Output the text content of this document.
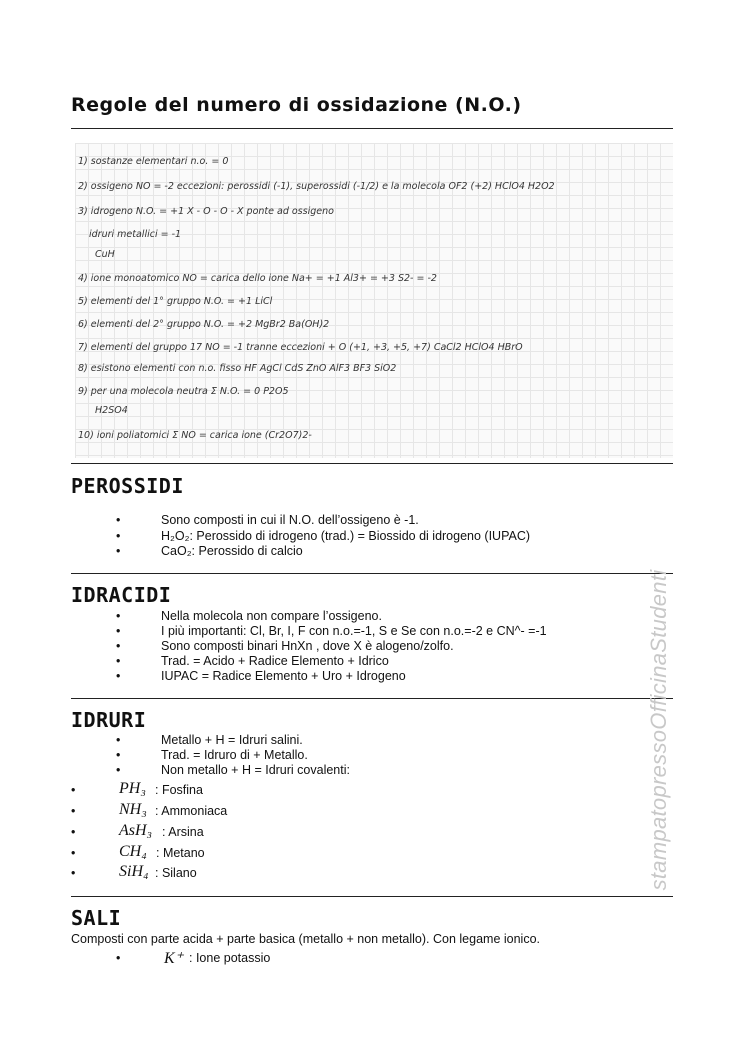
Regole del numero di ossidazione (N.O.)
1) sostanze elementari n.o. = 0
2) ossigeno NO = -2 eccezioni: perossidi (-1), superossidi (-1/2) e la molecola OF2 (+2) HClO4 H2O2
3) idrogeno N.O. = +1 X - O - O - X ponte ad ossigeno
idruri metallici = -1
CuH
4) ione monoatomico NO = carica dello ione Na+ = +1 Al3+ = +3 S2- = -2
5) elementi del 1° gruppo N.O. = +1 LiCl
6) elementi del 2° gruppo N.O. = +2 MgBr2 Ba(OH)2
7) elementi del gruppo 17 NO = -1 tranne eccezioni + O (+1, +3, +5, +7) CaCl2 HClO4 HBrO
8) esistono elementi con n.o. fisso HF AgCl CdS ZnO AlF3 BF3 SiO2
9) per una molecola neutra Σ N.O. = 0 P2O5
H2SO4
10) ioni poliatomici Σ NO = carica ione (Cr2O7)2-
PEROSSIDI
•	Sono composti in cui il N.O. dell’ossigeno è -1.
•	H₂O₂: Perossido di idrogeno (trad.) = Biossido di idrogeno (IUPAC)
•	CaO₂: Perossido di calcio
IDRACIDI
•	Nella molecola non compare l’ossigeno.
•	I più importanti: Cl, Br, I, F con n.o.=-1, S e Se con n.o.=-2 e CN^- =-1
•	Sono composti binari HnXn , dove X è alogeno/zolfo.
•	Trad. = Acido + Radice Elemento + Idrico
•	IUPAC = Radice Elemento + Uro + Idrogeno
IDRURI
•	Metallo + H = Idruri salini.
•	Trad. = Idruro di + Metallo.
•	Non metallo + H = Idruri covalenti:
•	PH₃ : Fosfina
•	NH₃ : Ammoniaca
•	AsH₃ : Arsina
•	CH₄ : Metano
•	SiH₄ : Silano
SALI
Composti con parte acida + parte basica (metallo + non metallo). Con legame ionico.
•	K⁺ : Ione potassio
stampatopressoOfficinaStudenti
